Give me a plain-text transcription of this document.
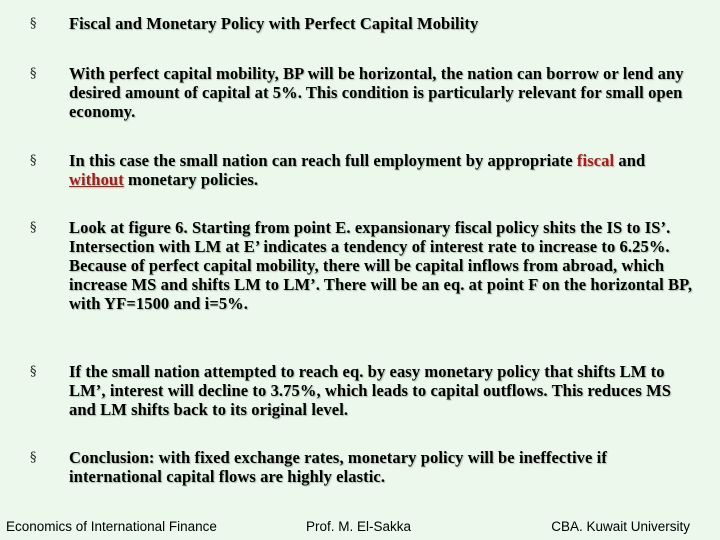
§ Fiscal and Monetary Policy with Perfect Capital Mobility
§ With perfect capital mobility, BP will be horizontal, the nation can borrow or lend any desired amount of capital at 5%. This condition is particularly relevant for small open economy.
§ In this case the small nation can reach full employment by appropriate fiscal and without monetary policies.
§ Look at figure 6. Starting from point E. expansionary fiscal policy shits the IS to IS’. Intersection with LM at E’ indicates a tendency of interest rate to increase to 6.25%. Because of perfect capital mobility, there will be capital inflows from abroad, which increase MS and shifts LM to LM’. There will be an eq. at point F on the horizontal BP, with YF=1500 and i=5%.
§ If the small nation attempted to reach eq. by easy monetary policy that shifts LM to LM’, interest will decline to 3.75%, which leads to capital outflows. This reduces MS and LM shifts back to its original level.
§ Conclusion: with fixed exchange rates, monetary policy will be ineffective if international capital flows are highly elastic.
Economics of International Finance	Prof. M. El-Sakka	CBA. Kuwait University
